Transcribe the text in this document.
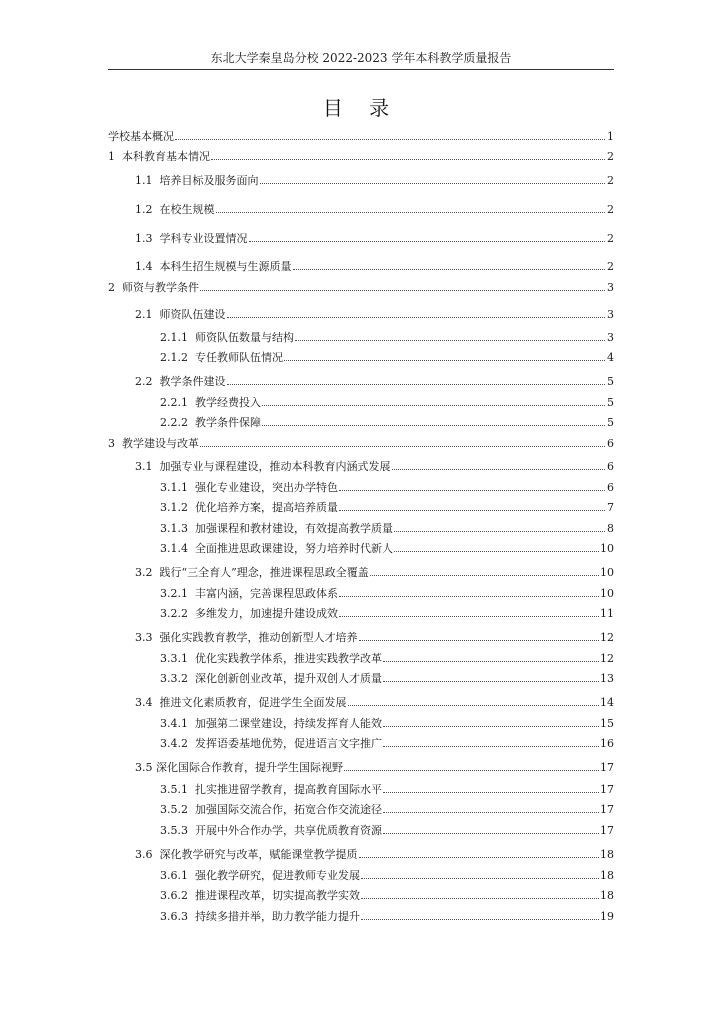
东北大学秦皇岛分校 2022-2023 学年本科教学质量报告
目 录
学校基本概况	1
1 本科教育基本情况	2
1.1 培养目标及服务面向	2
1.2 在校生规模	2
1.3 学科专业设置情况	2
1.4 本科生招生规模与生源质量	2
2 师资与教学条件	3
2.1 师资队伍建设	3
2.1.1 师资队伍数量与结构	3
2.1.2 专任教师队伍情况	4
2.2 教学条件建设	5
2.2.1 教学经费投入	5
2.2.2 教学条件保障	5
3 教学建设与改革	6
3.1 加强专业与课程建设，推动本科教育内涵式发展	6
3.1.1 强化专业建设，突出办学特色	6
3.1.2 优化培养方案，提高培养质量	7
3.1.3 加强课程和教材建设，有效提高教学质量	8
3.1.4 全面推进思政课建设，努力培养时代新人	10
3.2 践行“三全育人”理念，推进课程思政全覆盖	10
3.2.1 丰富内涵，完善课程思政体系	10
3.2.2 多维发力，加速提升建设成效	11
3.3 强化实践教育教学，推动创新型人才培养	12
3.3.1 优化实践教学体系，推进实践教学改革	12
3.3.2 深化创新创业改革，提升双创人才质量	13
3.4 推进文化素质教育，促进学生全面发展	14
3.4.1 加强第二课堂建设，持续发挥育人能效	15
3.4.2 发挥语委基地优势，促进语言文字推广	16
3.5 深化国际合作教育，提升学生国际视野	17
3.5.1 扎实推进留学教育，提高教育国际水平	17
3.5.2 加强国际交流合作，拓宽合作交流途径	17
3.5.3 开展中外合作办学，共享优质教育资源	17
3.6 深化教学研究与改革，赋能课堂教学提质	18
3.6.1 强化教学研究，促进教师专业发展	18
3.6.2 推进课程改革，切实提高教学实效	18
3.6.3 持续多措并举，助力教学能力提升	19
